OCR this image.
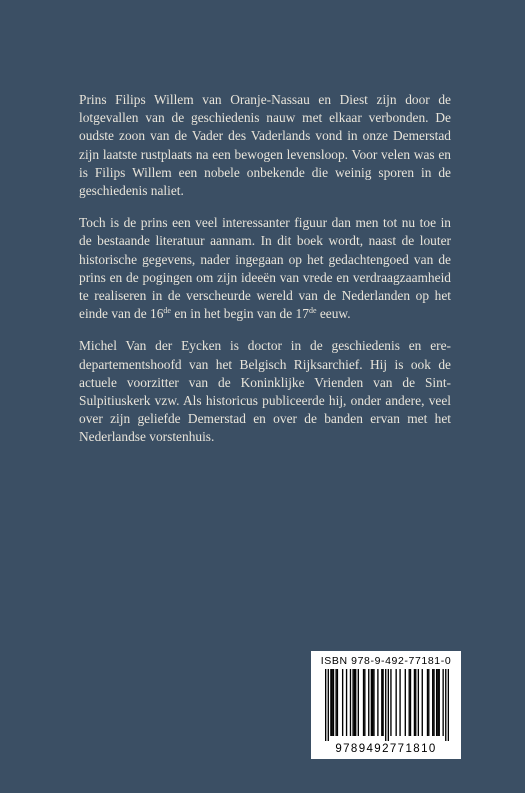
Prins Filips Willem van Oranje-Nassau en Diest zijn door de lotgevallen van de geschiedenis nauw met elkaar verbonden. De oudste zoon van de Vader des Vaderlands vond in onze Demerstad zijn laatste rustplaats na een bewogen levensloop. Voor velen was en is Filips Willem een nobele onbekende die weinig sporen in de geschiedenis naliet.

Toch is de prins een veel interessanter figuur dan men tot nu toe in de bestaande literatuur aannam. In dit boek wordt, naast de louter historische gegevens, nader ingegaan op het gedachtengoed van de prins en de pogingen om zijn ideeën van vrede en verdraagzaamheid te realiseren in de verscheurde wereld van de Nederlanden op het einde van de 16de en in het begin van de 17de eeuw.

Michel Van der Eycken is doctor in de geschiedenis en ere-departementshoofd van het Belgisch Rijksarchief. Hij is ook de actuele voorzitter van de Koninklijke Vrienden van de Sint-Sulpitiuskerk vzw. Als historicus publiceerde hij, onder andere, veel over zijn geliefde Demerstad en over de banden ervan met het Nederlandse vorstenhuis.

ISBN 978-9-492-77181-0
9789492771810
